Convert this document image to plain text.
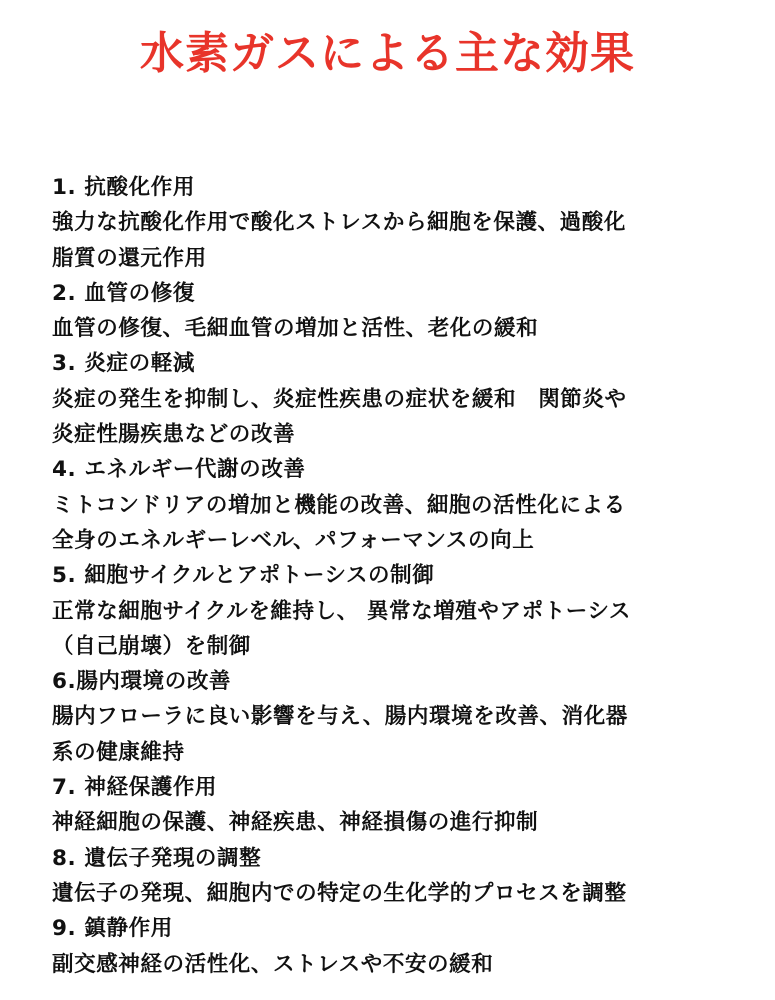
水素ガスによる主な効果
1. 抗酸化作用
強力な抗酸化作用で酸化ストレスから細胞を保護、過酸化
脂質の還元作用
2. 血管の修復
血管の修復、毛細血管の増加と活性、老化の緩和
3. 炎症の軽減
炎症の発生を抑制し、炎症性疾患の症状を緩和　関節炎や
炎症性腸疾患などの改善
4. エネルギー代謝の改善
ミトコンドリアの増加と機能の改善、細胞の活性化による
全身のエネルギーレベル、パフォーマンスの向上
5. 細胞サイクルとアポトーシスの制御
正常な細胞サイクルを維持し、 異常な増殖やアポトーシス
（自己崩壊）を制御
6.腸内環境の改善
腸内フローラに良い影響を与え、腸内環境を改善、消化器
系の健康維持
7. 神経保護作用
神経細胞の保護、神経疾患、神経損傷の進行抑制
8. 遺伝子発現の調整
遺伝子の発現、細胞内での特定の生化学的プロセスを調整
9. 鎮静作用
副交感神経の活性化、ストレスや不安の緩和
